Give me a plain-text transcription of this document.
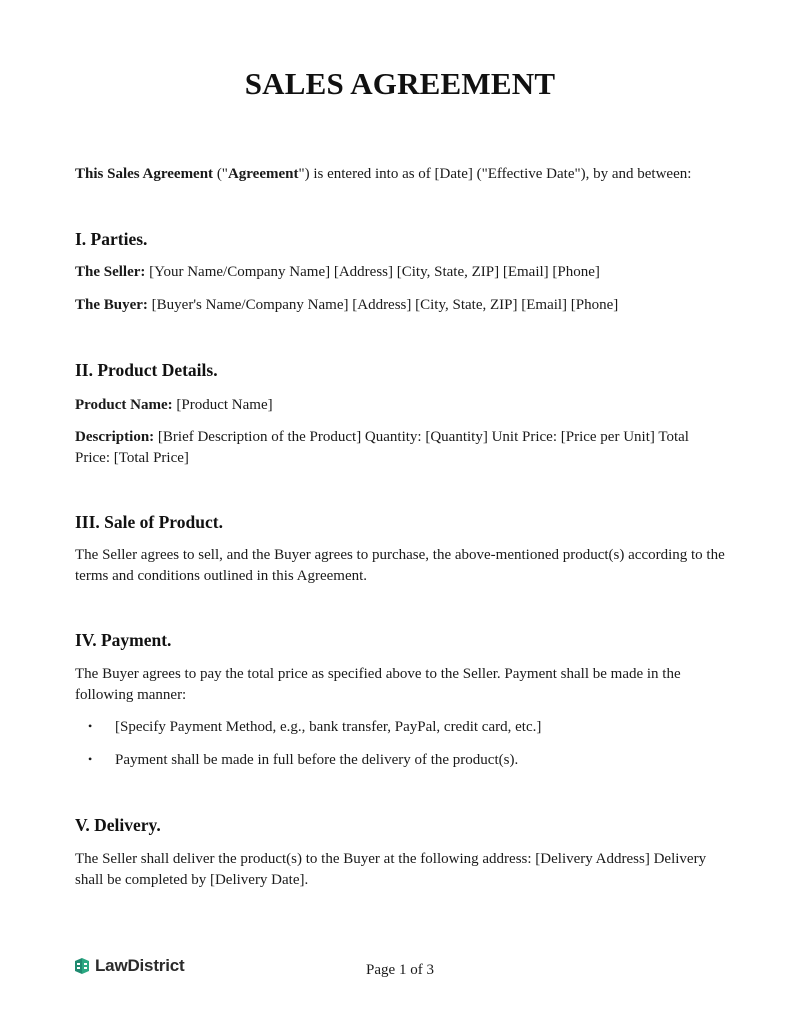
SALES AGREEMENT
This Sales Agreement ("Agreement") is entered into as of [Date] ("Effective Date"), by and between:
I. Parties.
The Seller: [Your Name/Company Name] [Address] [City, State, ZIP] [Email] [Phone]
The Buyer: [Buyer's Name/Company Name] [Address] [City, State, ZIP] [Email] [Phone]
II. Product Details.
Product Name: [Product Name]
Description: [Brief Description of the Product] Quantity: [Quantity] Unit Price: [Price per Unit] Total Price: [Total Price]
III. Sale of Product.
The Seller agrees to sell, and the Buyer agrees to purchase, the above-mentioned product(s) according to the terms and conditions outlined in this Agreement.
IV. Payment.
The Buyer agrees to pay the total price as specified above to the Seller. Payment shall be made in the following manner:
• [Specify Payment Method, e.g., bank transfer, PayPal, credit card, etc.]
• Payment shall be made in full before the delivery of the product(s).
V. Delivery.
The Seller shall deliver the product(s) to the Buyer at the following address: [Delivery Address] Delivery shall be completed by [Delivery Date].
LawDistrict	Page 1 of 3
